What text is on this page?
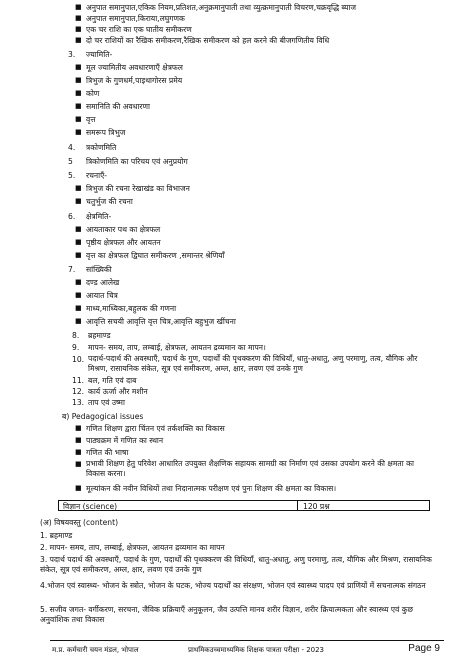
■ अनुपात समानुपात,एकिक नियम,प्रतिशत,अनुक्रमानुपाती तथा व्युत्क्रमानुपाती विचरण,चक्रवृद्धि ब्याज
■ अनुपात समानुपात,किराया,लघुगणक
■ एक चर राशि का एक घातीय समीकरण
■ दो चर राशियों का रैखिक समीकरण,रैखिक समीकरण को हल करने की बीजगणितीय विधि
3. ज्यामिति-
■ मूल ज्यामितीय अवधारणाएँ क्षेत्रफल
■ त्रिभुज के गुणधर्म,पाइथागोरस प्रमेय
■ कोण
■ समानिति की अवधारणा
■ वृत्त
■ समरूप त्रिभुज
4. त्रकोणमिति
5 त्रिकोणमिति का परिचय एवं अनुप्रयोग
5. रचनाएँ-
■ त्रिभुज की रचना रेखाखंड का विभाजन
■ चतुर्भुज की रचना
6. क्षेत्रमिति-
■ आयताकार पथ का क्षेत्रफल
■ पृष्ठीय क्षेत्रफल और आयतन
■ वृत्त का क्षेत्रफल द्विघात समीकरण ,समान्तर श्रेणियाँ
7. सांख्यिकी
■ दण्ड आलेख
■ आयात चित्र
■ माध्य,माध्यिका,बहुलक की गणना
■ आवृत्ति सचयी आवृत्ति वृत्त चित्र,आवृत्ति बहुभुज खींचना
8. ब्रहमाण्ड
9. मापन- समय, ताप, लम्बाई, क्षेत्रफल, आयतन द्रव्यमान का मापन।
10. पदार्थ-पदार्थ की अवस्थाएँ, पदार्थ के गुण, पदार्थों की पृथक्करण की विधियाँ, धातु-अधातु, अणु परमाणु, तत्व, यौगिक और मिश्रण, रासायनिक संकेत, सूत्र एवं समीकरण, अम्ल, क्षार, लवण एवं उनके गुण
11. बल, गति एवं दाब
12. कार्य ऊर्जा और मशीन
13. ताप एवं उष्मा
ब) Pedagogical issues
■ गणित शिक्षण द्वारा चिंतन एवं तर्कशक्ति का विकास
■ पाठ्यक्रम में गणित का स्थान
■ गणित की भाषा
■ प्रभावी शिक्षण हेतु परिवेश आधारित उपयुक्त शैक्षणिक सहायक सामग्री का निर्माण एवं उसका उपयोग करने की क्षमता का विकास करना।
■ मूल्यांकन की नवीन विधियों तथा निदानात्मक परीक्षण एवं पुनः शिक्षण की क्षमता का विकास।
विज्ञान (science)	120 प्रश्न
(अ) विषयवस्तु (content)
1. ब्रहमाण्ड
2. मापन- समय, ताप, लम्बाई, क्षेत्रफल, आयतन द्रव्यमान का मापन
3. पदार्थ पदार्थ की अवस्थाएँ, पदार्थ के गुण, पदार्थों की पृथक्करण की विधियाँ, धातु-अधातु, अणु परमाणु, तत्व, यौगिक और मिश्रण, रासायनिक संकेत, सूत्र एवं समीकरण, अम्ल, क्षार, लवण एवं उनके गुण
4.भोजन एवं स्वास्थ्य- भोजन के स्त्रोत, भोजन के घटक, भोज्य पदार्थों का संरक्षण, भोजन एवं स्वास्थ्य पादप एवं प्राणियों में सचनात्मक संगठन
5. सजीव जगत- वर्गीकरण, सरचना, जैविक प्रक्रियाएँ अनुकूलन, जैव उत्पत्ति मानव शरीर विज्ञान, शरीर क्रियात्मकता और स्वास्थ्य एवं कुछ अनुवांशिक तथा विकास
म.प्र. कर्मचारी चयन मंडल, भोपाल	प्राथमिकउच्चमाध्यमिक शिक्षक पात्रता परीक्षा - 2023	Page 9
